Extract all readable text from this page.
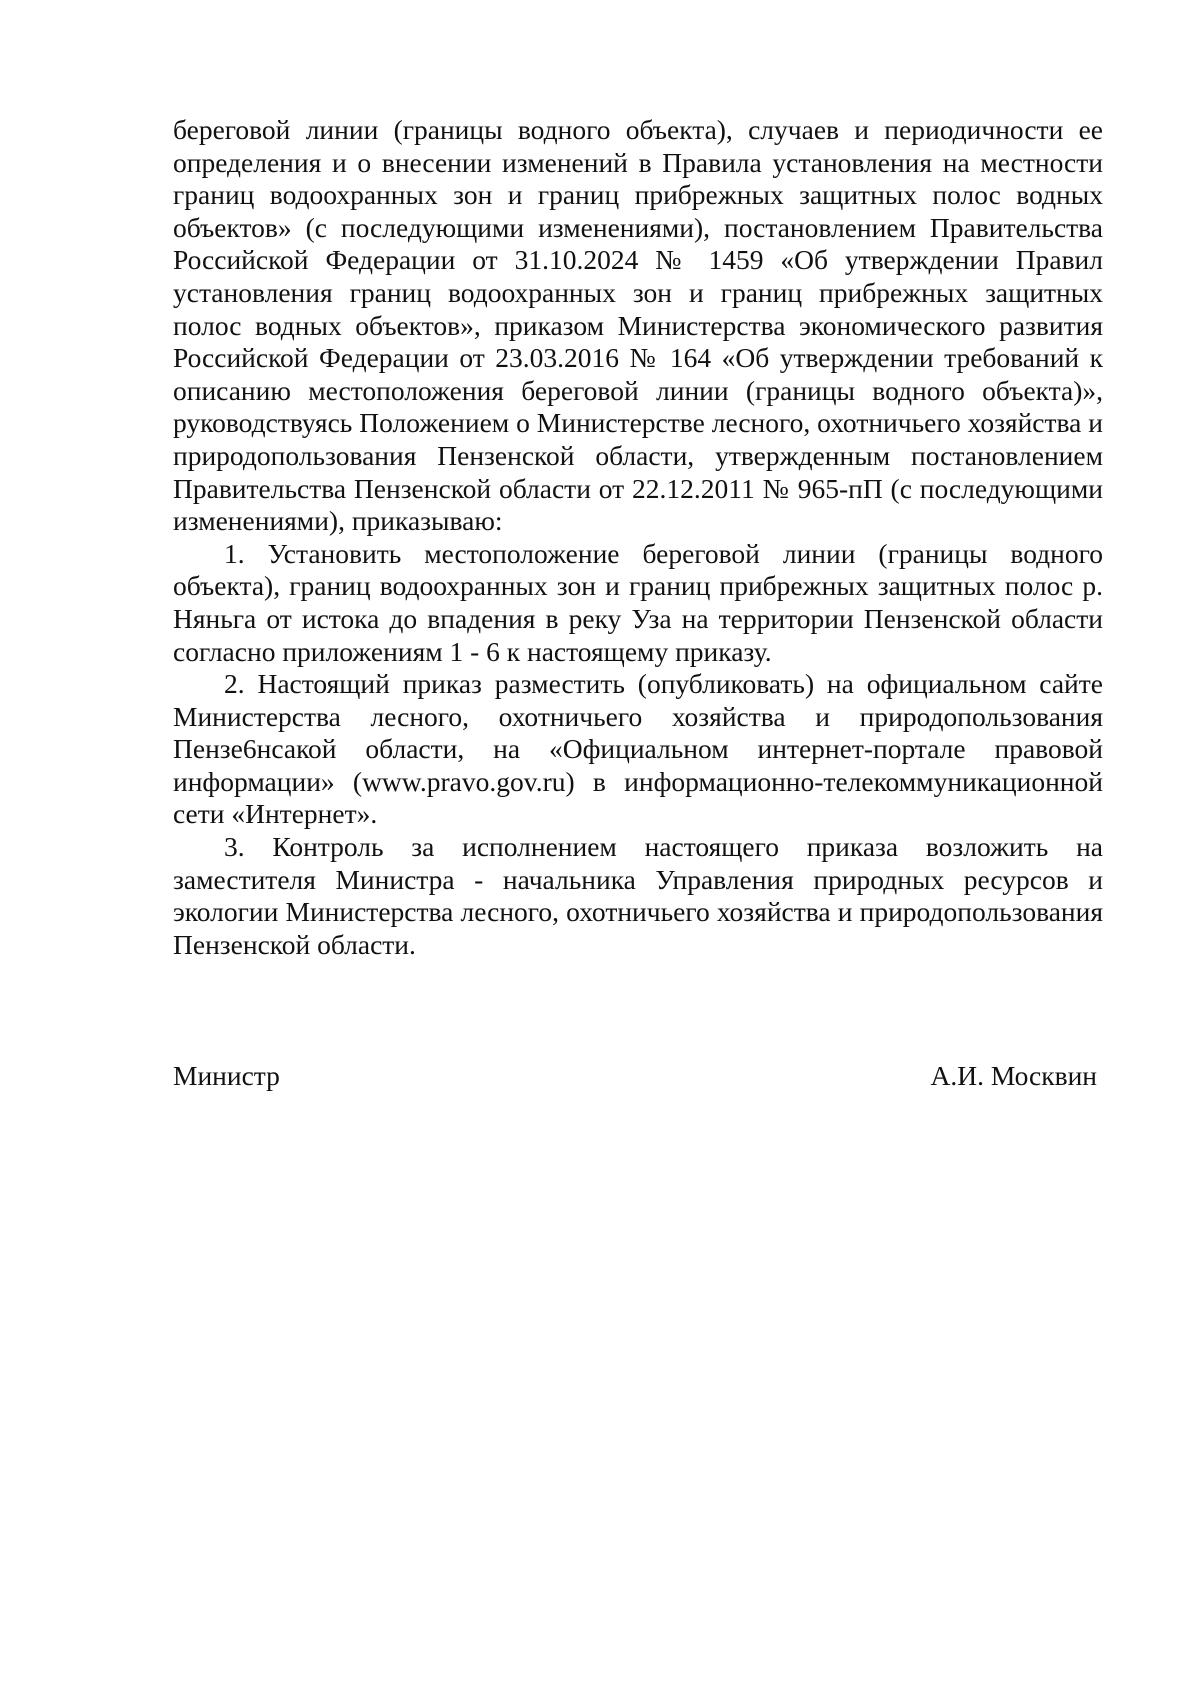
береговой линии (границы водного объекта), случаев и периодичности ее определения и о внесении изменений в Правила установления на местности границ водоохранных зон и границ прибрежных защитных полос водных объектов» (с последующими изменениями), постановлением Правительства Российской Федерации от 31.10.2024 № 1459 «Об утверждении Правил установления границ водоохранных зон и границ прибрежных защитных полос водных объектов», приказом Министерства экономического развития Российской Федерации от 23.03.2016 № 164 «Об утверждении требований к описанию местоположения береговой линии (границы водного объекта)», руководствуясь Положением о Министерстве лесного, охотничьего хозяйства и природопользования Пензенской области, утвержденным постановлением Правительства Пензенской области от 22.12.2011 № 965-пП (с последующими изменениями), приказываю:

1. Установить местоположение береговой линии (границы водного объекта), границ водоохранных зон и границ прибрежных защитных полос р. Няньга от истока до впадения в реку Уза на территории Пензенской области согласно приложениям 1 - 6 к настоящему приказу.

2. Настоящий приказ разместить (опубликовать) на официальном сайте Министерства лесного, охотничьего хозяйства и природопользования Пензе6нсакой области, на «Официальном интернет-портале правовой информации» (www.pravo.gov.ru) в информационно-телекоммуникационной сети «Интернет».

3. Контроль за исполнением настоящего приказа возложить на заместителя Министра - начальника Управления природных ресурсов и экологии Министерства лесного, охотничьего хозяйства и природопользования Пензенской области.

Министр	А.И. Москвин
